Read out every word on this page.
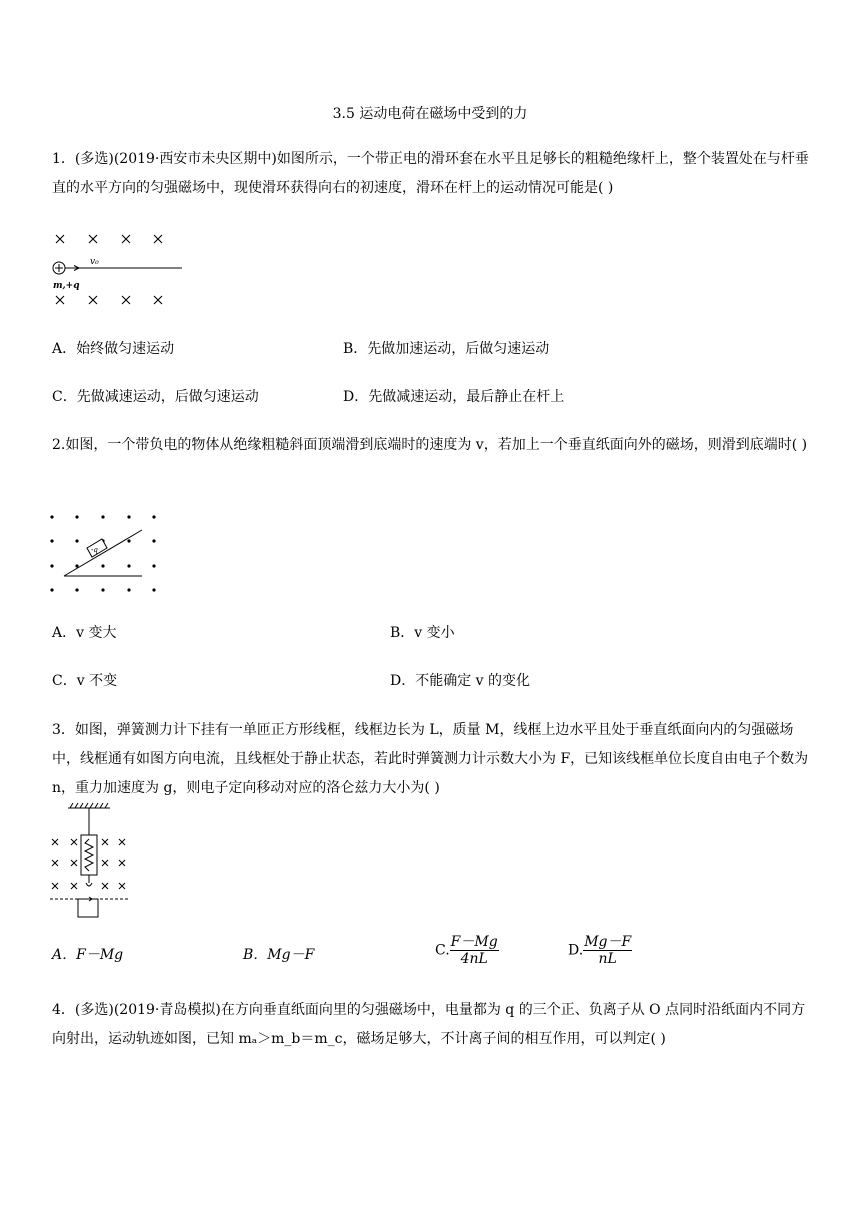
3.5 运动电荷在磁场中受到的力
1．(多选)(2019·西安市未央区期中)如图所示，一个带正电的滑环套在水平且足够长的粗糙绝缘杆上，整个装置处在与杆垂直的水平方向的匀强磁场中，现使滑环获得向右的初速度，滑环在杆上的运动情况可能是( )
v₀
m,+q
A．始终做匀速运动	B．先做加速运动，后做匀速运动
C．先做减速运动，后做匀速运动	D．先做减速运动，最后静止在杆上
2.如图，一个带负电的物体从绝缘粗糙斜面顶端滑到底端时的速度为 v，若加上一个垂直纸面向外的磁场，则滑到底端时( )
-q
A．v 变大	B．v 变小
C．v 不变	D．不能确定 v 的变化
3．如图，弹簧测力计下挂有一单匝正方形线框，线框边长为 L，质量 M，线框上边水平且处于垂直纸面向内的匀强磁场中，线框通有如图方向电流，且线框处于静止状态，若此时弹簧测力计示数大小为 F，已知该线框单位长度自由电子个数为 n，重力加速度为 g，则电子定向移动对应的洛仑兹力大小为( )
A．F－Mg	B．Mg－F	C. $\frac{F-Mg}{4nL}$	D. $\frac{Mg-F}{nL}$
4．(多选)(2019·青岛模拟)在方向垂直纸面向里的匀强磁场中，电量都为 q 的三个正、负离子从 O 点同时沿纸面内不同方向射出，运动轨迹如图，已知 mₐ＞m_b＝m_c，磁场足够大，不计离子间的相互作用，可以判定( )
